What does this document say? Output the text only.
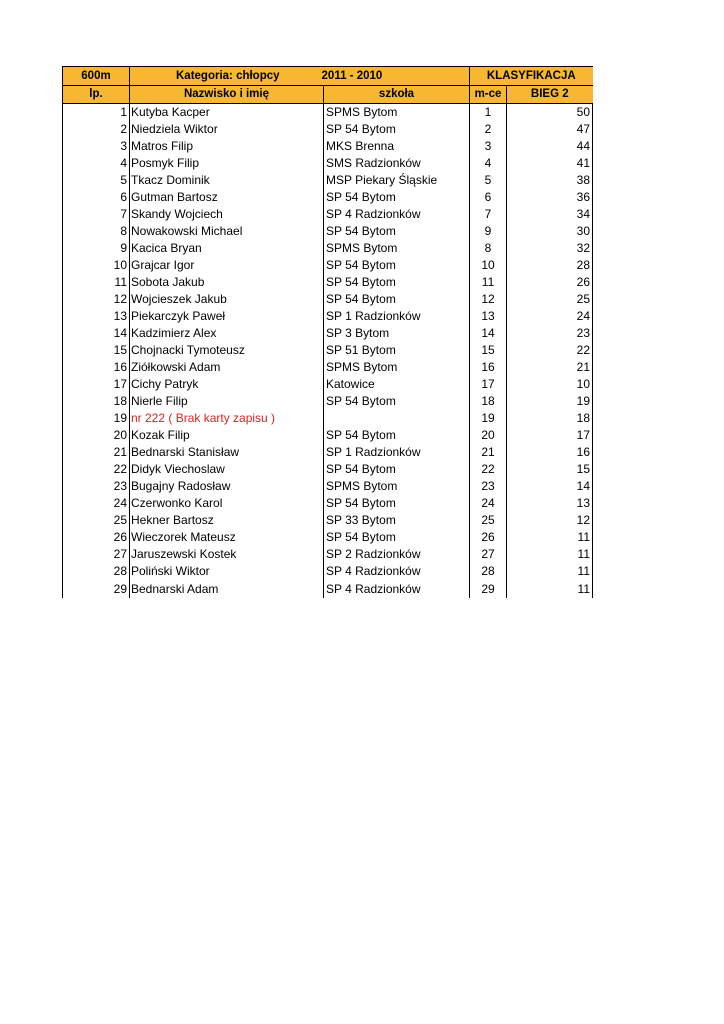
600m	Kategoria: chłopcy 2011 - 2010		KLASYFIKACJA	
lp.	Nazwisko i imię	szkoła	m-ce	BIEG 2
1	Kutyba Kacper	SPMS Bytom	1	50
2	Niedziela Wiktor	SP 54 Bytom	2	47
3	Matros Filip	MKS Brenna	3	44
4	Posmyk Filip	SMS Radzionków	4	41
5	Tkacz Dominik	MSP Piekary Śląskie	5	38
6	Gutman Bartosz	SP 54 Bytom	6	36
7	Skandy Wojciech	SP 4 Radzionków	7	34
8	Nowakowski Michael	SP 54 Bytom	9	30
9	Kacica Bryan	SPMS Bytom	8	32
10	Grajcar Igor	SP 54 Bytom	10	28
11	Sobota Jakub	SP 54 Bytom	11	26
12	Wojcieszek Jakub	SP 54 Bytom	12	25
13	Piekarczyk Paweł	SP 1 Radzionków	13	24
14	Kadzimierz Alex	SP 3 Bytom	14	23
15	Chojnacki Tymoteusz	SP 51 Bytom	15	22
16	Ziółkowski Adam	SPMS Bytom	16	21
17	Cichy Patryk	Katowice	17	10
18	Nierle Filip	SP 54 Bytom	18	19
19	nr 222 ( Brak karty zapisu )		19	18
20	Kozak Filip	SP 54 Bytom	20	17
21	Bednarski Stanisław	SP 1 Radzionków	21	16
22	Didyk Viechoslaw	SP 54 Bytom	22	15
23	Bugajny Radosław	SPMS Bytom	23	14
24	Czerwonko Karol	SP 54 Bytom	24	13
25	Hekner Bartosz	SP 33 Bytom	25	12
26	Wieczorek Mateusz	SP 54 Bytom	26	11
27	Jaruszewski Kostek	SP 2 Radzionków	27	11
28	Poliński Wiktor	SP 4 Radzionków	28	11
29	Bednarski Adam	SP 4 Radzionków	29	11
